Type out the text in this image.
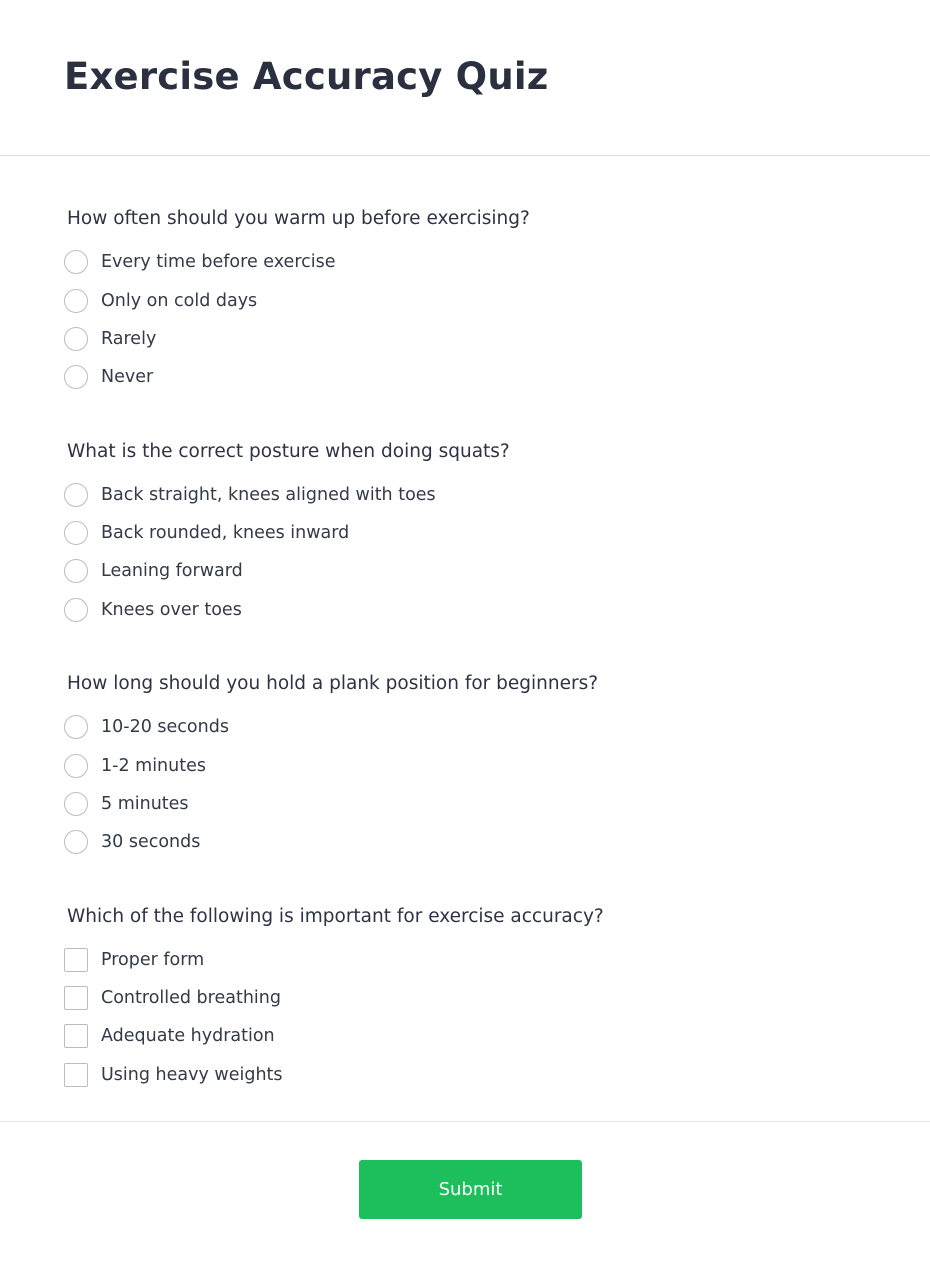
Exercise Accuracy Quiz

How often should you warm up before exercising?

Every time before exercise
Only on cold days
Rarely
Never

What is the correct posture when doing squats?

Back straight, knees aligned with toes
Back rounded, knees inward
Leaning forward
Knees over toes

How long should you hold a plank position for beginners?

10-20 seconds
1-2 minutes
5 minutes
30 seconds

Which of the following is important for exercise accuracy?

Proper form
Controlled breathing
Adequate hydration
Using heavy weights
Submit
